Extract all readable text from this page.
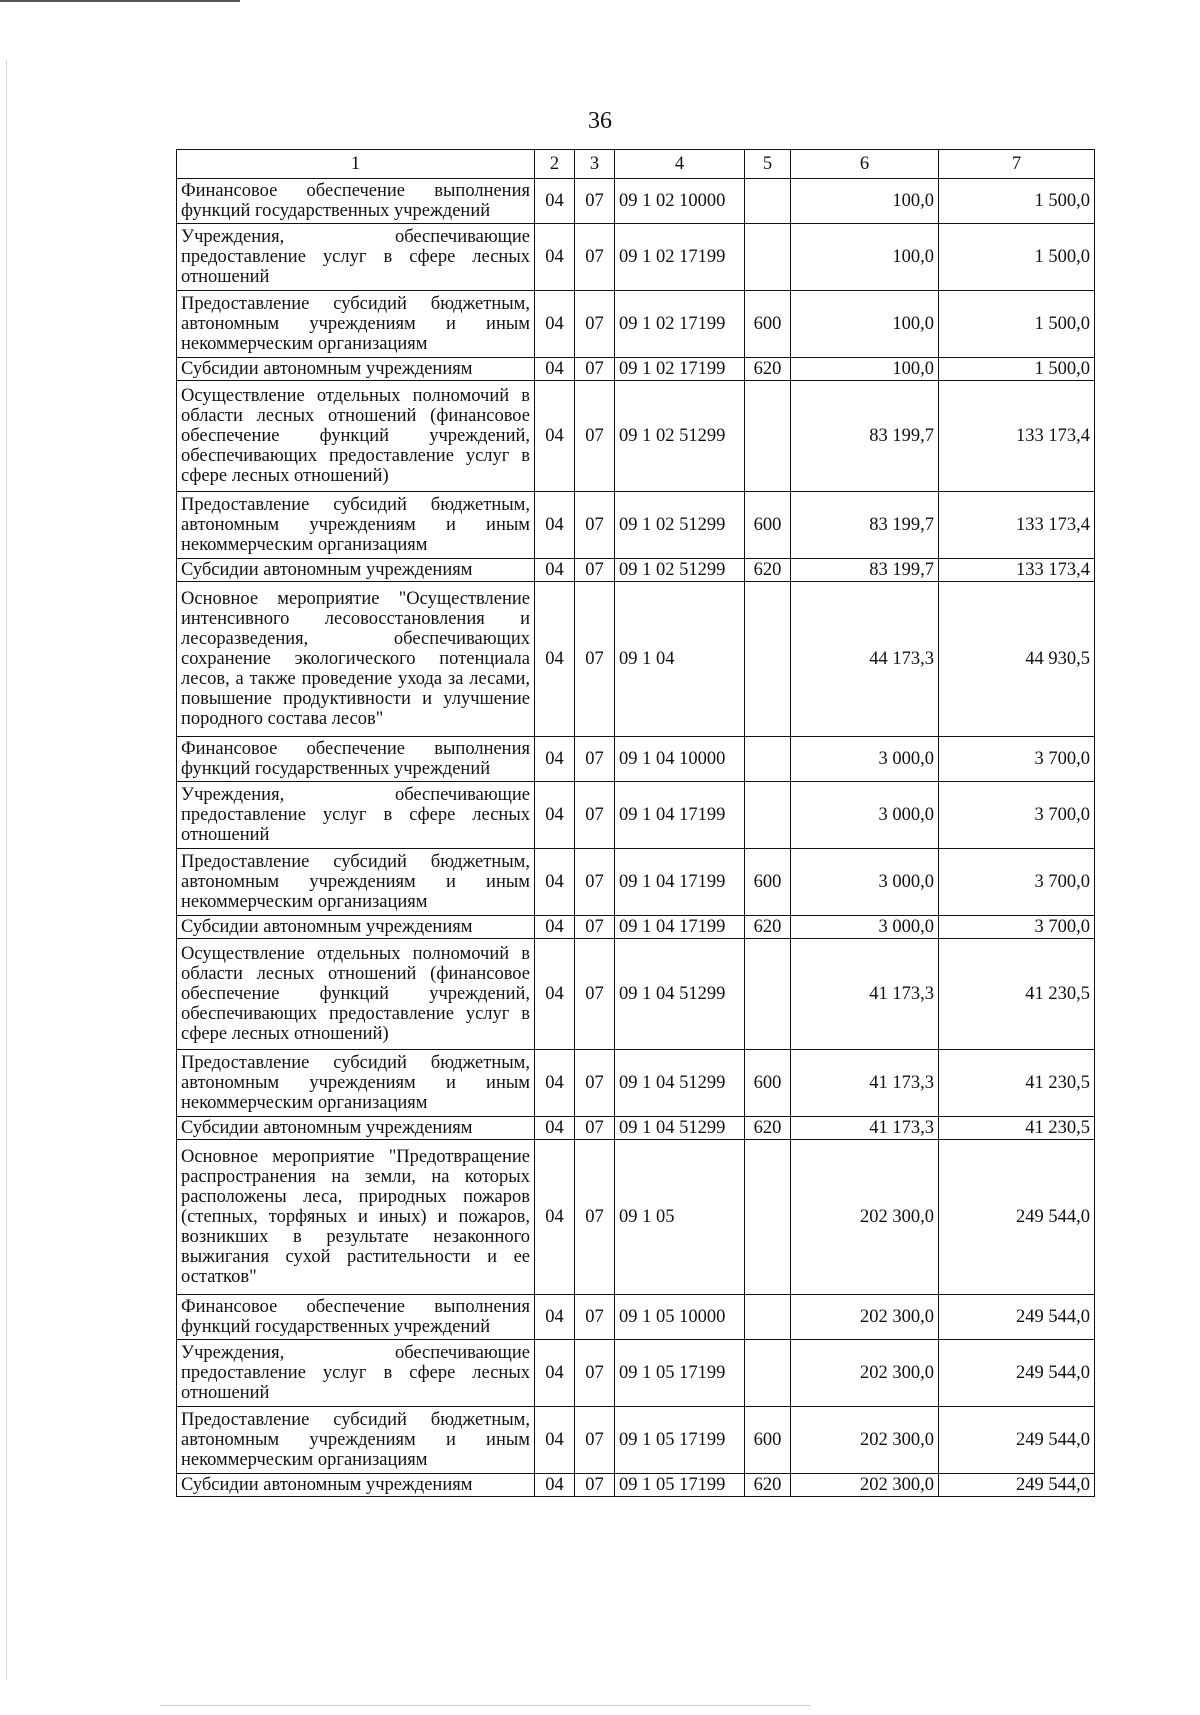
36
1	2	3	4	5	6	7
Финансовое обеспечение выполнения функций государственных учреждений	04	07	09 1 02 10000		100,0	1 500,0
Учреждения, обеспечивающие предоставление услуг в сфере лесных отношений	04	07	09 1 02 17199		100,0	1 500,0
Предоставление субсидий бюджетным, автономным учреждениям и иным некоммерческим организациям	04	07	09 1 02 17199	600	100,0	1 500,0
Субсидии автономным учреждениям	04	07	09 1 02 17199	620	100,0	1 500,0
Осуществление отдельных полномочий в области лесных отношений (финансовое обеспечение функций учреждений, обеспечивающих предоставление услуг в сфере лесных отношений)	04	07	09 1 02 51299		83 199,7	133 173,4
Предоставление субсидий бюджетным, автономным учреждениям и иным некоммерческим организациям	04	07	09 1 02 51299	600	83 199,7	133 173,4
Субсидии автономным учреждениям	04	07	09 1 02 51299	620	83 199,7	133 173,4
Основное мероприятие "Осуществление интенсивного лесовосстановления и лесоразведения, обеспечивающих сохранение экологического потенциала лесов, а также проведение ухода за лесами, повышение продуктивности и улучшение породного состава лесов"	04	07	09 1 04		44 173,3	44 930,5
Финансовое обеспечение выполнения функций государственных учреждений	04	07	09 1 04 10000		3 000,0	3 700,0
Учреждения, обеспечивающие предоставление услуг в сфере лесных отношений	04	07	09 1 04 17199		3 000,0	3 700,0
Предоставление субсидий бюджетным, автономным учреждениям и иным некоммерческим организациям	04	07	09 1 04 17199	600	3 000,0	3 700,0
Субсидии автономным учреждениям	04	07	09 1 04 17199	620	3 000,0	3 700,0
Осуществление отдельных полномочий в области лесных отношений (финансовое обеспечение функций учреждений, обеспечивающих предоставление услуг в сфере лесных отношений)	04	07	09 1 04 51299		41 173,3	41 230,5
Предоставление субсидий бюджетным, автономным учреждениям и иным некоммерческим организациям	04	07	09 1 04 51299	600	41 173,3	41 230,5
Субсидии автономным учреждениям	04	07	09 1 04 51299	620	41 173,3	41 230,5
Основное мероприятие "Предотвращение распространения на земли, на которых расположены леса, природных пожаров (степных, торфяных и иных) и пожаров, возникших в результате незаконного выжигания сухой растительности и ее остатков"	04	07	09 1 05		202 300,0	249 544,0
Финансовое обеспечение выполнения функций государственных учреждений	04	07	09 1 05 10000		202 300,0	249 544,0
Учреждения, обеспечивающие предоставление услуг в сфере лесных отношений	04	07	09 1 05 17199		202 300,0	249 544,0
Предоставление субсидий бюджетным, автономным учреждениям и иным некоммерческим организациям	04	07	09 1 05 17199	600	202 300,0	249 544,0
Субсидии автономным учреждениям	04	07	09 1 05 17199	620	202 300,0	249 544,0
